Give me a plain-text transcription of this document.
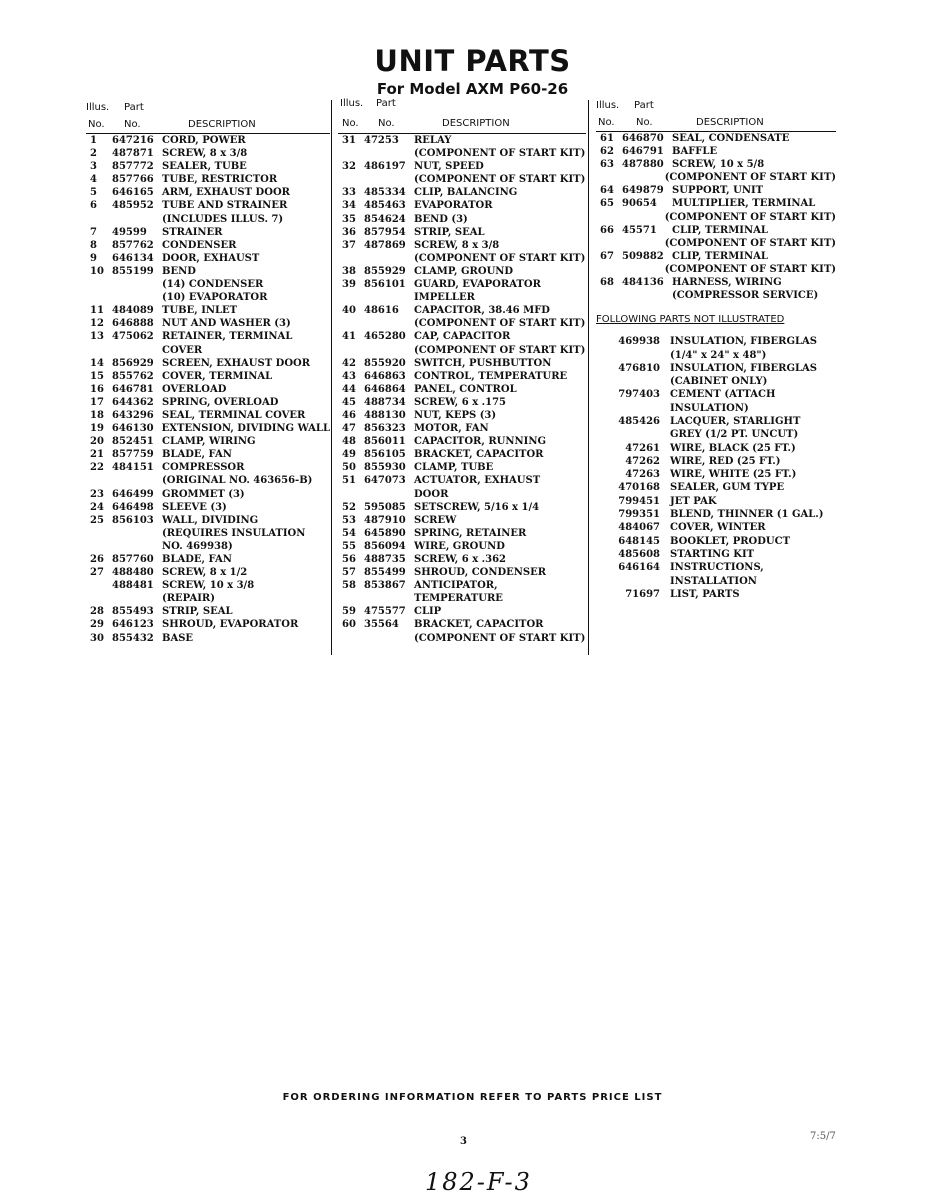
UNIT PARTS
For Model AXM P60-26
Illus.
No.
Part
No.	DESCRIPTION
1	647216 CORD, POWER
2	487871 SCREW, 8 x 3/8
3	857772 SEALER, TUBE
4	857766 TUBE, RESTRICTOR
5	646165 ARM, EXHAUST DOOR
6	485952 TUBE AND STRAINER
(INCLUDES ILLUS. 7)
7	49599	STRAINER
8	857762 CONDENSER
9	646134 DOOR, EXHAUST
10 855199 BEND
(14) CONDENSER
(10) EVAPORATOR
11 484089 TUBE, INLET
12 646888 NUT AND WASHER (3)
13 475062 RETAINER, TERMINAL
COVER
14 856929 SCREEN, EXHAUST DOOR
15 855762 COVER, TERMINAL
16 646781 OVERLOAD
17 644362 SPRING, OVERLOAD
18 643296 SEAL, TERMINAL COVER
19 646130 EXTENSION, DIVIDING WALL
20 852451 CLAMP, WIRING
21 857759 BLADE, FAN
22 484151 COMPRESSOR
(ORIGINAL NO. 463656-B)
23 646499 GROMMET (3)
24 646498 SLEEVE (3)
25 856103 WALL, DIVIDING
(REQUIRES INSULATION
NO. 469938)
26 857760 BLADE, FAN
27 488480 SCREW, 8 x 1/2
488481 SCREW, 10 x 3/8
(REPAIR)
28 855493 STRIP, SEAL
29 646123 SHROUD, EVAPORATOR
30 855432 BASE
Illus.
No.
Part
No.	DESCRIPTION
31 47253	RELAY
(COMPONENT OF START KIT)
32 486197 NUT, SPEED
(COMPONENT OF START KIT)
33 485334 CLIP, BALANCING
34 485463 EVAPORATOR
35 854624 BEND (3)
36 857954 STRIP, SEAL
37 487869 SCREW, 8 x 3/8
(COMPONENT OF START KIT)
38 855929 CLAMP, GROUND
39 856101 GUARD, EVAPORATOR
IMPELLER
40 48616	CAPACITOR, 38.46 MFD
(COMPONENT OF START KIT)
41 465280 CAP, CAPACITOR
(COMPONENT OF START KIT)
42 855920 SWITCH, PUSHBUTTON
43 646863 CONTROL, TEMPERATURE
44 646864 PANEL, CONTROL
45 488734 SCREW, 6 x .175
46 488130 NUT, KEPS (3)
47 856323 MOTOR, FAN
48 856011 CAPACITOR, RUNNING
49 856105 BRACKET, CAPACITOR
50 855930 CLAMP, TUBE
51 647073 ACTUATOR, EXHAUST
DOOR
52 595085 SETSCREW, 5/16 x 1/4
53 487910 SCREW
54 645890 SPRING, RETAINER
55 856094 WIRE, GROUND
56 488735 SCREW, 6 x .362
57 855499 SHROUD, CONDENSER
58 853867 ANTICIPATOR,
TEMPERATURE
59 475577 CLIP
60 35564	BRACKET, CAPACITOR
(COMPONENT OF START KIT)
Illus.
No.
Part
No.	DESCRIPTION
61 646870 SEAL, CONDENSATE
62 646791 BAFFLE
63 487880 SCREW, 10 x 5/8
(COMPONENT OF START KIT)
64 649879 SUPPORT, UNIT
65 90654	MULTIPLIER, TERMINAL
(COMPONENT OF START KIT)
66 45571	CLIP, TERMINAL
(COMPONENT OF START KIT)
67 509882 CLIP, TERMINAL
(COMPONENT OF START KIT)
68 484136 HARNESS, WIRING
(COMPRESSOR SERVICE)
FOLLOWING PARTS NOT ILLUSTRATED
469938	INSULATION, FIBERGLAS
(1/4" x 24" x 48")
476810	INSULATION, FIBERGLAS
(CABINET ONLY)
797403	CEMENT (ATTACH
INSULATION)
485426	LACQUER, STARLIGHT
GREY (1/2 PT. UNCUT)
47261	WIRE, BLACK (25 FT.)
47262	WIRE, RED (25 FT.)
47263	WIRE, WHITE (25 FT.)
470168	SEALER, GUM TYPE
799451	JET PAK
799351	BLEND, THINNER (1 GAL.)
484067	COVER, WINTER
648145	BOOKLET, PRODUCT
485608	STARTING KIT
646164	INSTRUCTIONS,
INSTALLATION
71697	LIST, PARTS
FOR ORDERING INFORMATION REFER TO PARTS PRICE LIST
3	7:5/7
182-F-3
